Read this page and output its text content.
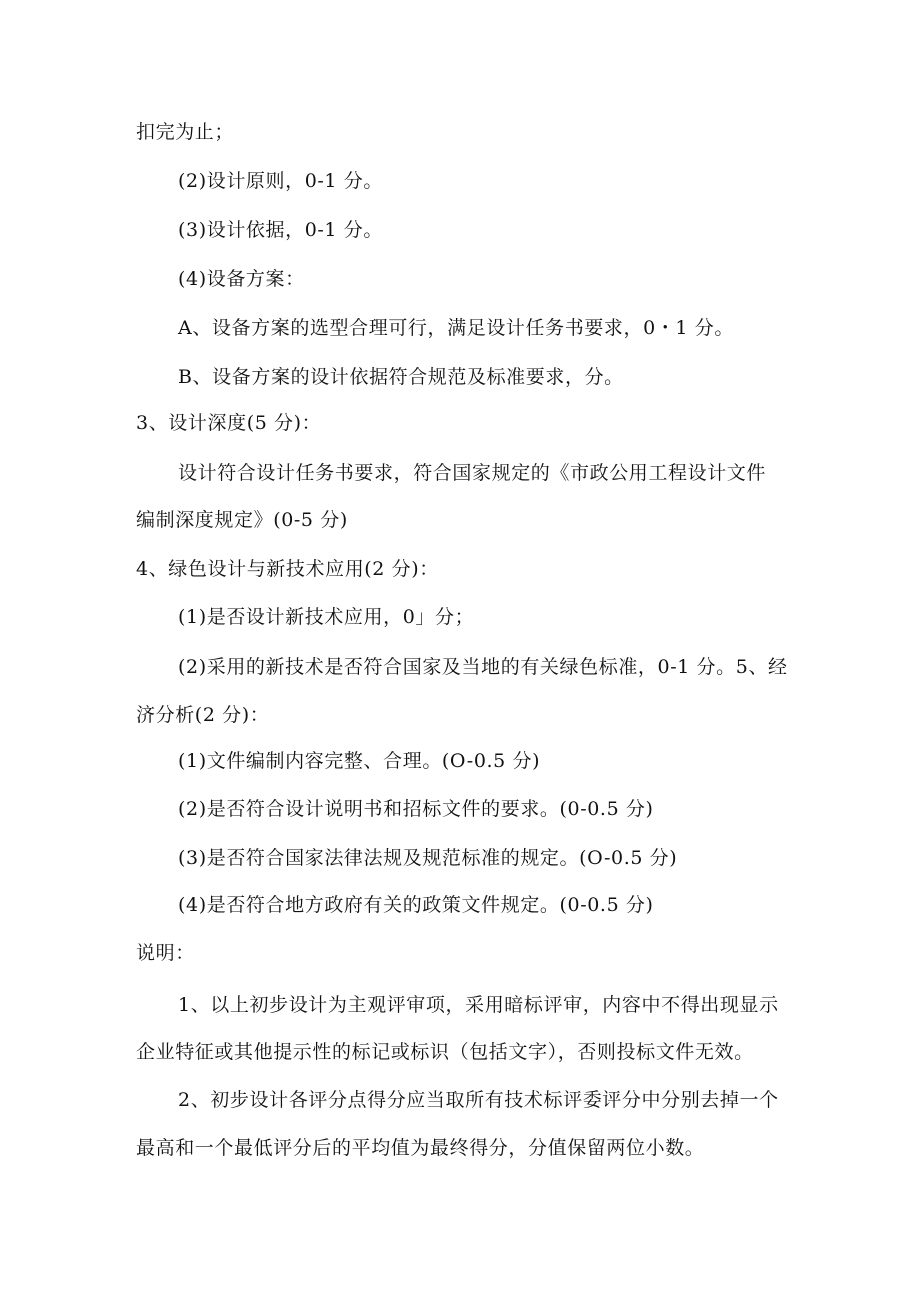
扣完为止；
(2)设计原则，0-1 分。
(3)设计依据，0-1 分。
(4)设备方案：
A、设备方案的选型合理可行，满足设计任务书要求，0・1 分。
B、设备方案的设计依据符合规范及标准要求，分。
3、设计深度(5 分)：
设计符合设计任务书要求，符合国家规定的《市政公用工程设计文件
编制深度规定》(0-5 分)
4、绿色设计与新技术应用(2 分)：
(1)是否设计新技术应用，0」分；
(2)采用的新技术是否符合国家及当地的有关绿色标准，0-1 分。5、经
济分析(2 分)：
(1)文件编制内容完整、合理。(O-0.5 分)
(2)是否符合设计说明书和招标文件的要求。(0-0.5 分)
(3)是否符合国家法律法规及规范标准的规定。(O-0.5 分)
(4)是否符合地方政府有关的政策文件规定。(0-0.5 分)
说明：
1、以上初步设计为主观评审项，采用暗标评审，内容中不得出现显示
企业特征或其他提示性的标记或标识（包括文字），否则投标文件无效。
2、初步设计各评分点得分应当取所有技术标评委评分中分别去掉一个
最高和一个最低评分后的平均值为最终得分，分值保留两位小数。
